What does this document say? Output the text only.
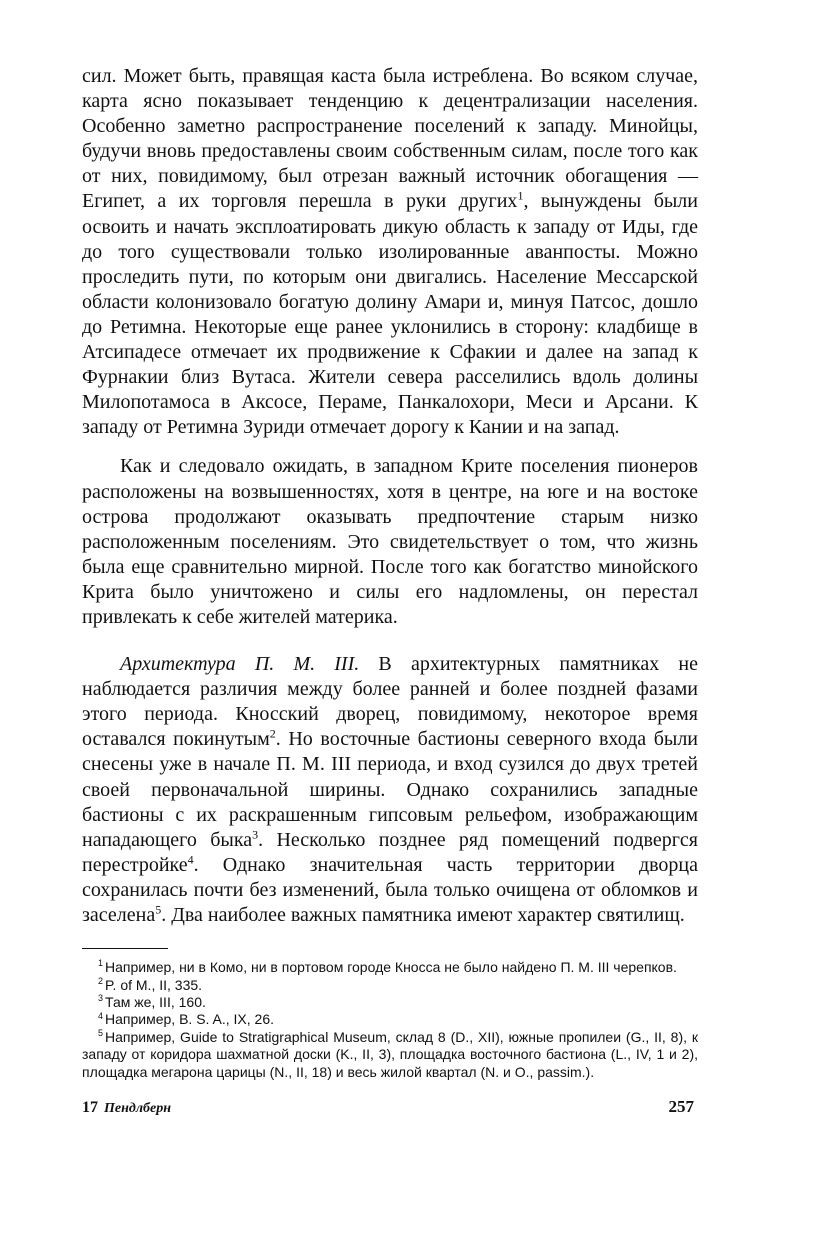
сил. Может быть, правящая каста была истреблена. Во всяком случае, карта ясно показывает тенденцию к децентрализации населения. Особенно заметно распространение поселений к западу. Минойцы, будучи вновь предоставлены своим собственным силам, после того как от них, повидимому, был отрезан важный источник обогащения — Египет, а их торговля перешла в руки других$^1$, вынуждены были освоить и начать эксплоатировать дикую область к западу от Иды, где до того существовали только изолированные аванпосты. Можно проследить пути, по которым они двигались. Население Мессарской области колонизовало богатую долину Амари и, минуя Патсос, дошло до Ретимна. Некоторые еще ранее уклонились в сторону: кладбище в Атсипадесе отмечает их продвижение к Сфакии и далее на запад к Фурнакии близ Вутаса. Жители севера расселились вдоль долины Милопотамоса в Аксосе, Пераме, Панкалохори, Меси и Арсани. К западу от Ретимна Зуриди отмечает дорогу к Кании и на запад.

Как и следовало ожидать, в западном Крите поселения пионеров расположены на возвышенностях, хотя в центре, на юге и на востоке острова продолжают оказывать предпочтение старым низко расположенным поселениям. Это свидетельствует о том, что жизнь была еще сравнительно мирной. После того как богатство минойского Крита было уничтожено и силы его надломлены, он перестал привлекать к себе жителей материка.

Архитектура П. М. III. В архитектурных памятниках не наблюдается различия между более ранней и более поздней фазами этого периода. Кносский дворец, повидимому, некоторое время оставался покинутым$^2$. Но восточные бастионы северного входа были снесены уже в начале П. М. III периода, и вход сузился до двух третей своей первоначальной ширины. Однако сохранились западные бастионы с их раскрашенным гипсовым рельефом, изображающим нападающего быка$^3$. Несколько позднее ряд помещений подвергся перестройке$^4$. Однако значительная часть территории дворца сохранилась почти без изменений, была только очищена от обломков и заселена$^5$. Два наиболее важных памятника имеют характер святилищ.

$^1$ Например, ни в Комо, ни в портовом городе Кносса не было найдено П. М. III черепков.

$^2$ P. of M., II, 335.

$^3$ Там же, III, 160.

$^4$ Например, B. S. A., IX, 26.

$^5$ Например, Guide to Stratigraphical Museum, склад 8 (D., XII), южные пропилеи (G., II, 8), к западу от коридора шахматной доски (K., II, 3), площадка восточного бастиона (L., IV, 1 и 2), площадка мегарона царицы (N., II, 18) и весь жилой квартал (N. и O., passim.).

17 Пендлберн	257
